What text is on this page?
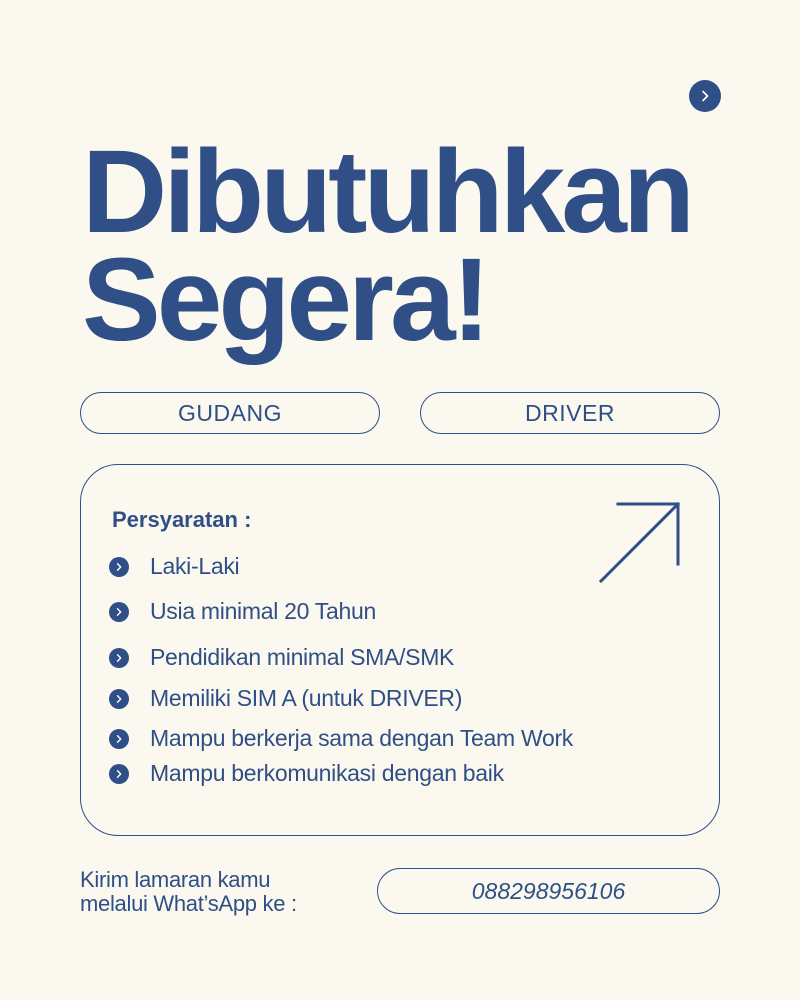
Dibutuhkan
Segera!
GUDANG	DRIVER
Persyaratan :
Laki-Laki
Usia minimal 20 Tahun
Pendidikan minimal SMA/SMK
Memiliki SIM A (untuk DRIVER)
Mampu berkerja sama dengan Team Work
Mampu berkomunikasi dengan baik
Kirim lamaran kamu
melalui What’sApp ke :	088298956106
